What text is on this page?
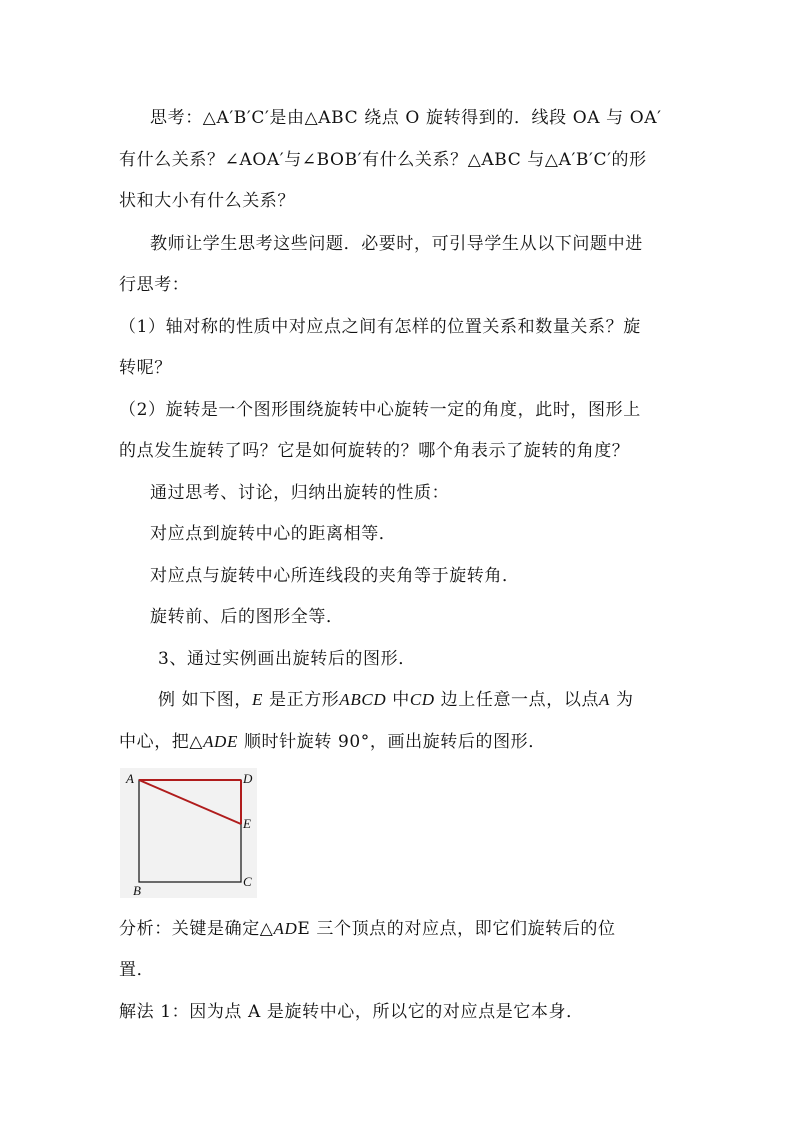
思考：△A′B′C′是由△ABC 绕点 O 旋转得到的．线段 OA 与 OA′
有什么关系？∠AOA′与∠BOB′有什么关系？△ABC 与△A′B′C′的形
状和大小有什么关系？
教师让学生思考这些问题．必要时，可引导学生从以下问题中进
行思考：
（1）轴对称的性质中对应点之间有怎样的位置关系和数量关系？旋
转呢？
（2）旋转是一个图形围绕旋转中心旋转一定的角度，此时，图形上
的点发生旋转了吗？它是如何旋转的？哪个角表示了旋转的角度？
通过思考、讨论，归纳出旋转的性质：
对应点到旋转中心的距离相等．
对应点与旋转中心所连线段的夹角等于旋转角．
旋转前、后的图形全等．
3、通过实例画出旋转后的图形．
例 如下图，E 是正方形ABCD 中CD 边上任意一点，以点A 为
中心，把△ADE 顺时针旋转 90°，画出旋转后的图形．
A	D
E
B
C
分析：关键是确定△ADE 三个顶点的对应点，即它们旋转后的位
置．
解法 1：因为点 A 是旋转中心，所以它的对应点是它本身．
